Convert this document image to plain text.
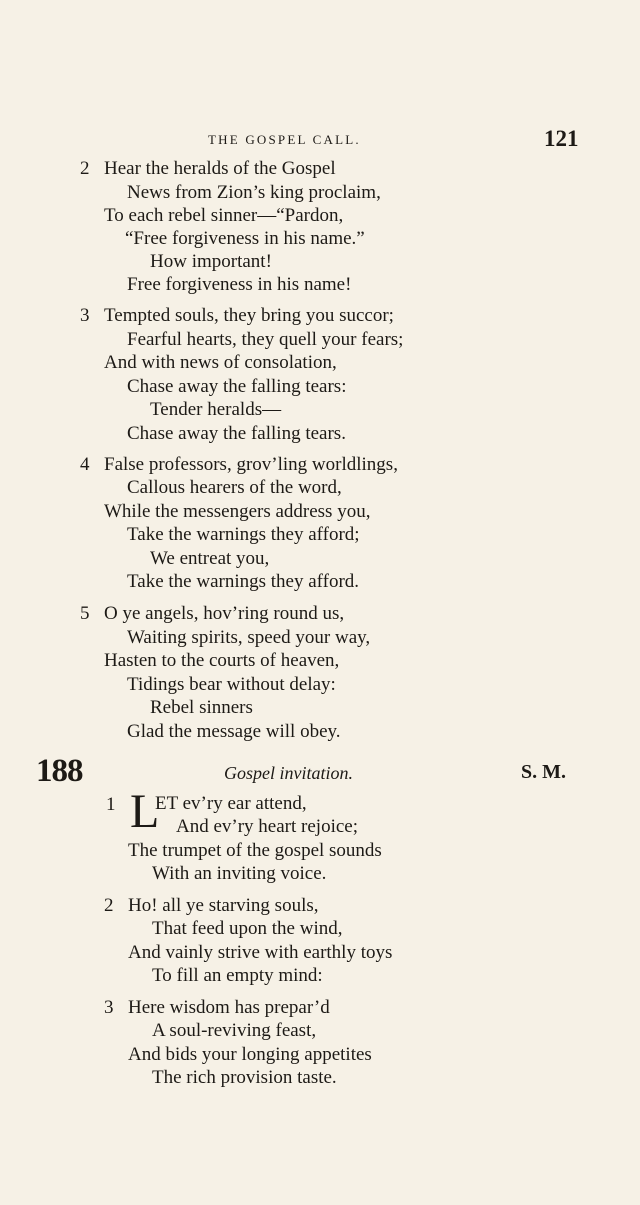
THE GOSPEL CALL.	121
2 Hear the heralds of the Gospel
News from Zion’s king proclaim,
To each rebel sinner—“Pardon,
“Free forgiveness in his name.”
How important!
Free forgiveness in his name!
3 Tempted souls, they bring you succor;
Fearful hearts, they quell your fears;
And with news of consolation,
Chase away the falling tears:
Tender heralds—
Chase away the falling tears.
4 False professors, grov’ling worldlings,
Callous hearers of the word,
While the messengers address you,
Take the warnings they afford;
We entreat you,
Take the warnings they afford.
5 O ye angels, hov’ring round us,
Waiting spirits, speed your way,
Hasten to the courts of heaven,
Tidings bear without delay:
Rebel sinners
Glad the message will obey.
188	Gospel invitation.	S. M.
1 L
ET ev’ry ear attend,
And ev’ry heart rejoice;
The trumpet of the gospel sounds
With an inviting voice.
2 Ho! all ye starving souls,
That feed upon the wind,
And vainly strive with earthly toys
To fill an empty mind:
3 Here wisdom has prepar’d
A soul-reviving feast,
And bids your longing appetites
The rich provision taste.
